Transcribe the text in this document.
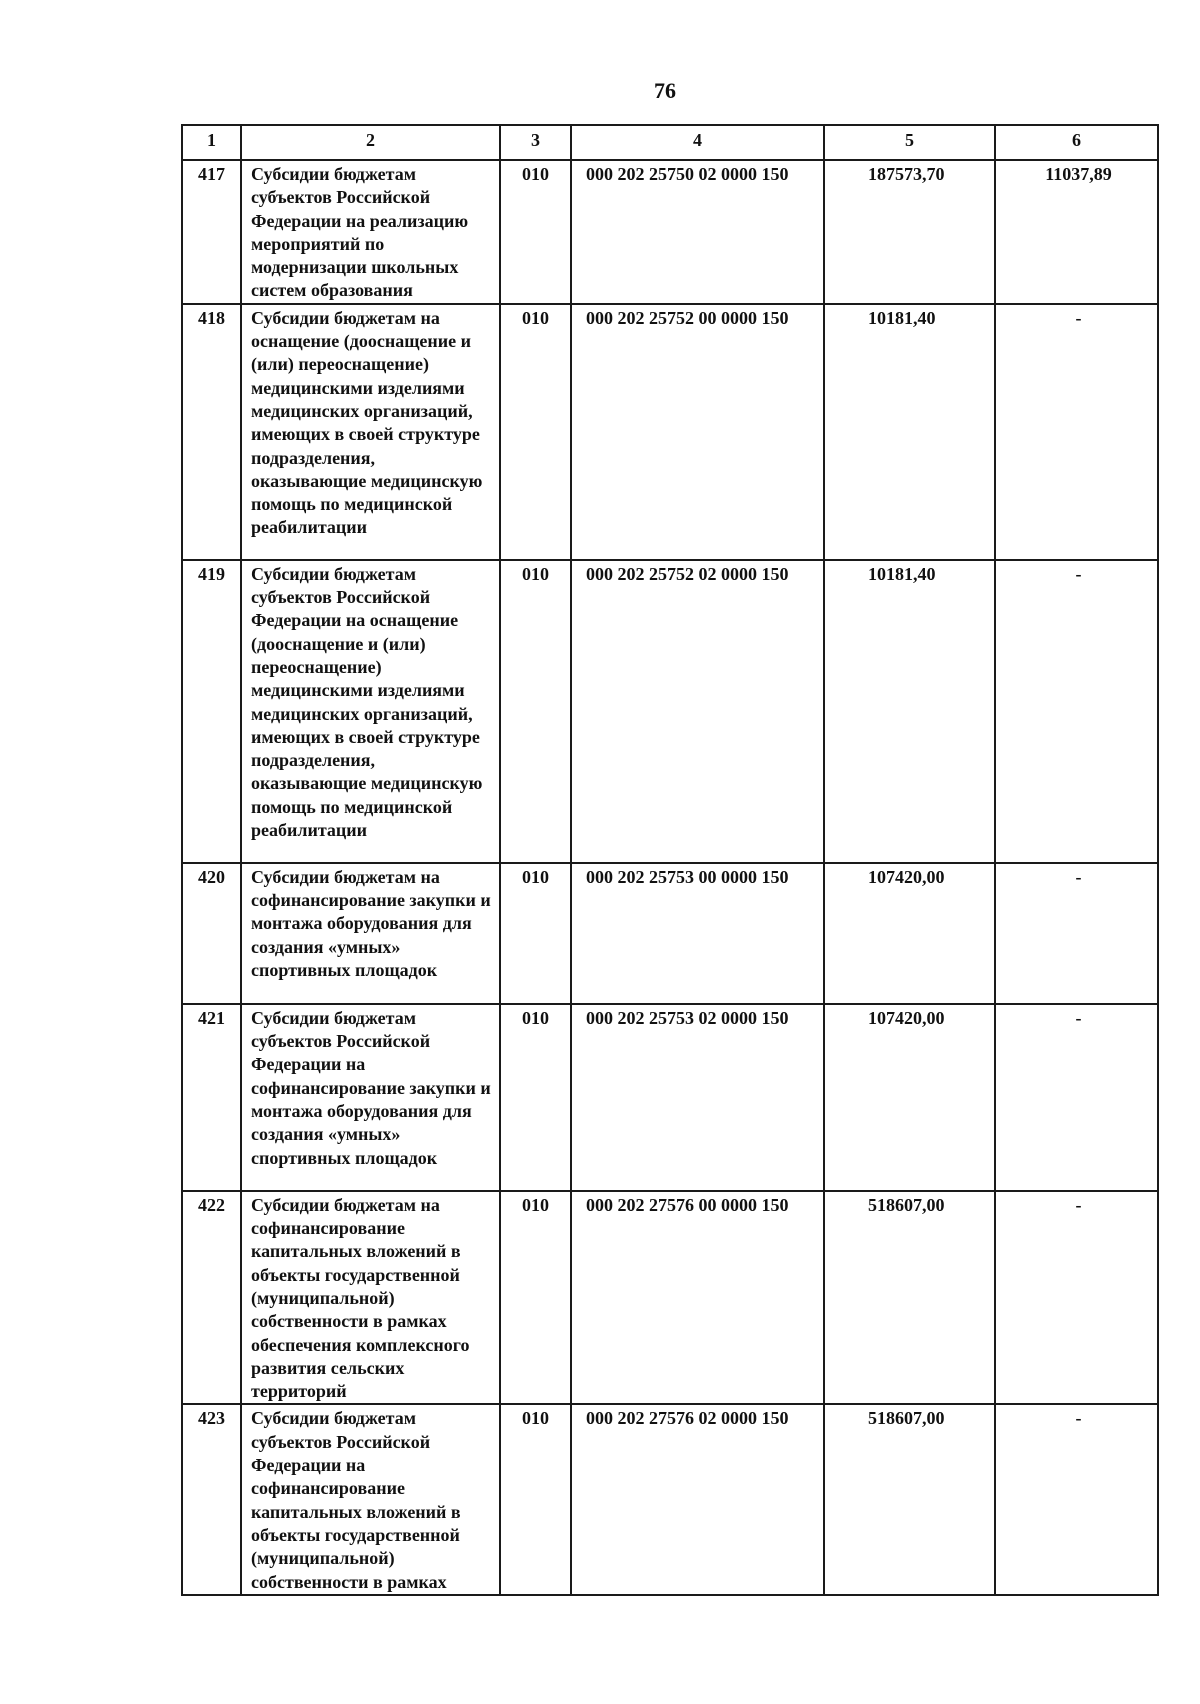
76
1	2	3	4	5	6
417	Субсидии бюджетам субъектов Российской Федерации на реализацию мероприятий по модернизации школьных систем образования	010	000 202 25750 02 0000 150	187573,70	11037,89
418	Субсидии бюджетам на оснащение (дооснащение и (или) переоснащение) медицинскими изделиями медицинских организаций, имеющих в своей структуре подразделения, оказывающие медицинскую помощь по медицинской реабилитации	010	000 202 25752 00 0000 150	10181,40	-
419	Субсидии бюджетам субъектов Российской Федерации на оснащение (дооснащение и (или) переоснащение) медицинскими изделиями медицинских организаций, имеющих в своей структуре подразделения, оказывающие медицинскую помощь по медицинской реабилитации	010	000 202 25752 02 0000 150	10181,40	-
420	Субсидии бюджетам на софинансирование закупки и монтажа оборудования для создания «умных» спортивных площадок	010	000 202 25753 00 0000 150	107420,00	-
421	Субсидии бюджетам субъектов Российской Федерации на софинансирование закупки и монтажа оборудования для создания «умных» спортивных площадок	010	000 202 25753 02 0000 150	107420,00	-
422	Субсидии бюджетам на софинансирование капитальных вложений в объекты государственной (муниципальной) собственности в рамках обеспечения комплексного развития сельских территорий	010	000 202 27576 00 0000 150	518607,00	-
423	Субсидии бюджетам субъектов Российской Федерации на софинансирование капитальных вложений в объекты государственной (муниципальной) собственности в рамках	010	000 202 27576 02 0000 150	518607,00	-
